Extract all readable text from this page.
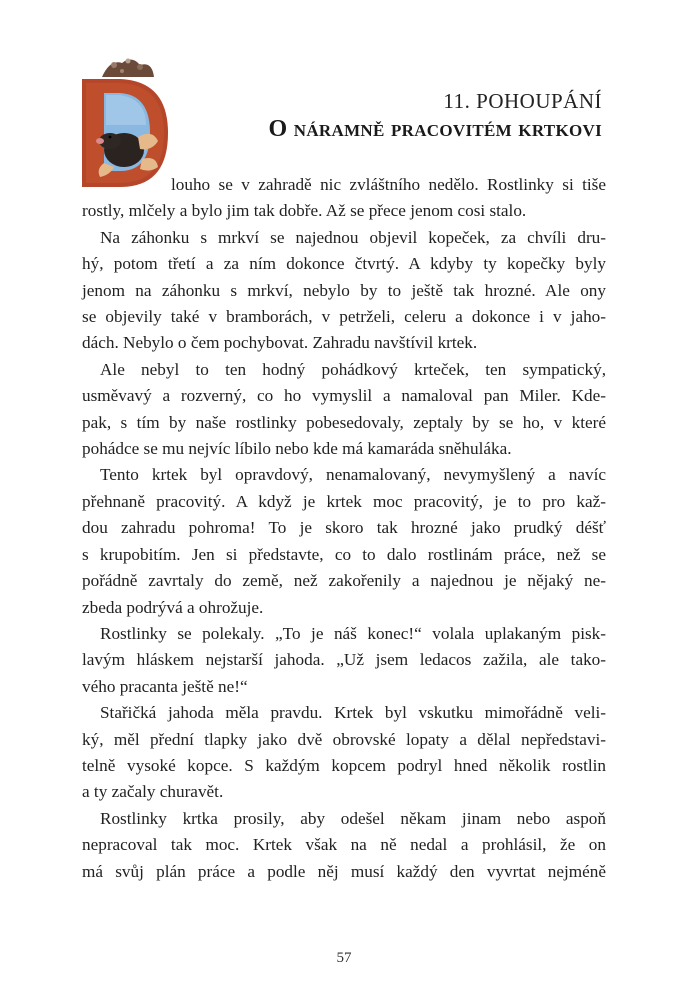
11. POHOUPÁNÍ
O náramně pracovitém krtkovi

louho se v zahradě nic zvláštního nedělo. Rostlinky si tiše
rostly, mlčely a bylo jim tak dobře. Až se přece jenom cosi stalo.

Na záhonku s mrkví se najednou objevil kopeček, za chvíli dru-
hý, potom třetí a za ním dokonce čtvrtý. A kdyby ty kopečky byly
jenom na záhonku s mrkví, nebylo by to ještě tak hrozné. Ale ony
se objevily také v bramborách, v petrželi, celeru a dokonce i v jaho-
dách. Nebylo o čem pochybovat. Zahradu navštívil krtek.

Ale nebyl to ten hodný pohádkový krteček, ten sympatický,
usměvavý a rozverný, co ho vymyslil a namaloval pan Miler. Kde-
pak, s tím by naše rostlinky pobesedovaly, zeptaly by se ho, v které
pohádce se mu nejvíc líbilo nebo kde má kamaráda sněhuláka.

Tento krtek byl opravdový, nenamalovaný, nevymyšlený a navíc
přehnaně pracovitý. A když je krtek moc pracovitý, je to pro kaž-
dou zahradu pohroma! To je skoro tak hrozné jako prudký déšť
s krupobitím. Jen si představte, co to dalo rostlinám práce, než se
pořádně zavrtaly do země, než zakořenily a najednou je nějaký ne-
zbeda podrývá a ohrožuje.

Rostlinky se polekaly. „To je náš konec!“ volala uplakaným pisk-
lavým hláskem nejstarší jahoda. „Už jsem ledacos zažila, ale tako-
vého pracanta ještě ne!“

Stařičká jahoda měla pravdu. Krtek byl vskutku mimořádně veli-
ký, měl přední tlapky jako dvě obrovské lopaty a dělal nepředstavi-
telně vysoké kopce. S každým kopcem podryl hned několik rostlin
a ty začaly churavět.

Rostlinky krtka prosily, aby odešel někam jinam nebo aspoň
nepracoval tak moc. Krtek však na ně nedal a prohlásil, že on
má svůj plán práce a podle něj musí každý den vyvrtat nejméně

57
